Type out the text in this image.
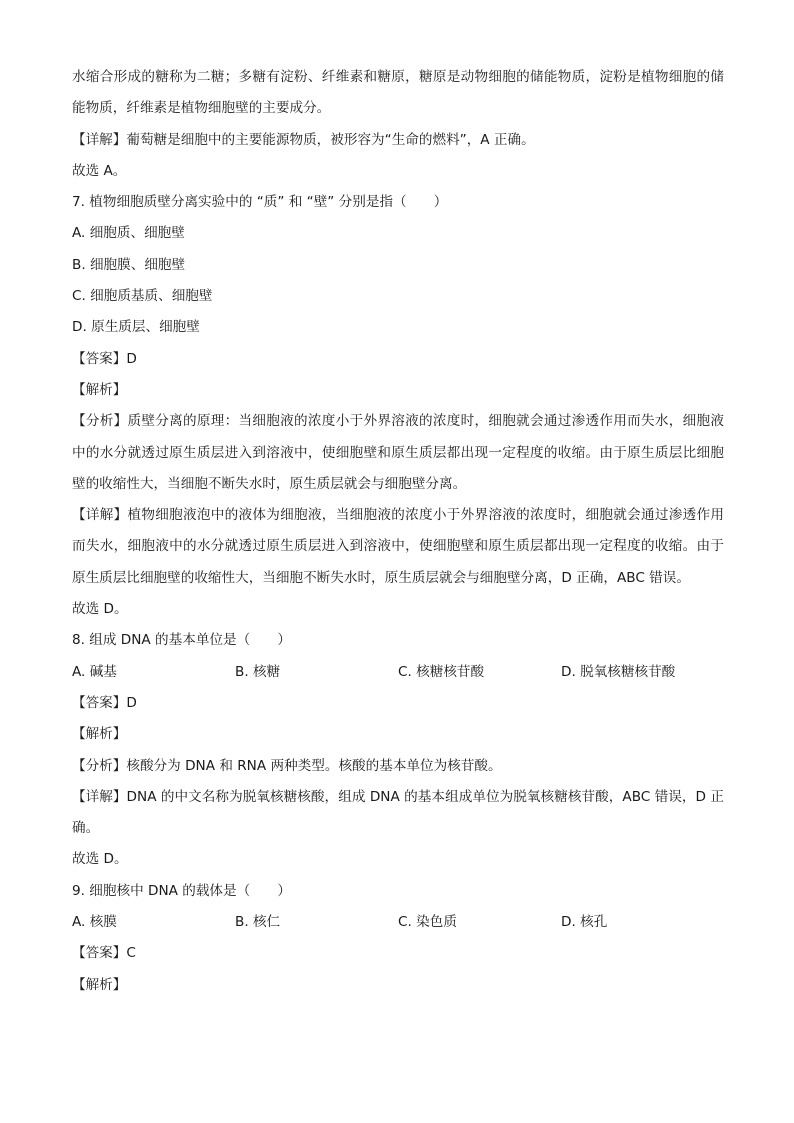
水缩合形成的糖称为二糖；多糖有淀粉、纤维素和糖原，糖原是动物细胞的储能物质，淀粉是植物细胞的储能物质，纤维素是植物细胞壁的主要成分。
【详解】葡萄糖是细胞中的主要能源物质，被形容为“生命的燃料”，A 正确。
故选 A。
7. 植物细胞质壁分离实验中的 “质” 和 “壁” 分别是指（　　）
A. 细胞质、细胞壁
B. 细胞膜、细胞壁
C. 细胞质基质、细胞壁
D. 原生质层、细胞壁
【答案】D
【解析】
【分析】质壁分离的原理：当细胞液的浓度小于外界溶液的浓度时，细胞就会通过渗透作用而失水，细胞液中的水分就透过原生质层进入到溶液中，使细胞壁和原生质层都出现一定程度的收缩。由于原生质层比细胞壁的收缩性大，当细胞不断失水时，原生质层就会与细胞壁分离。
【详解】植物细胞液泡中的液体为细胞液，当细胞液的浓度小于外界溶液的浓度时，细胞就会通过渗透作用而失水，细胞液中的水分就透过原生质层进入到溶液中，使细胞壁和原生质层都出现一定程度的收缩。由于原生质层比细胞壁的收缩性大，当细胞不断失水时，原生质层就会与细胞壁分离，D 正确，ABC 错误。
故选 D。
8. 组成 DNA 的基本单位是（　　）
A. 碱基	B. 核糖	C. 核糖核苷酸	D. 脱氧核糖核苷酸
【答案】D
【解析】
【分析】核酸分为 DNA 和 RNA 两种类型。核酸的基本单位为核苷酸。
【详解】DNA 的中文名称为脱氧核糖核酸，组成 DNA 的基本组成单位为脱氧核糖核苷酸，ABC 错误，D 正确。
故选 D。
9. 细胞核中 DNA 的载体是（　　）
A. 核膜	B. 核仁	C. 染色质	D. 核孔
【答案】C
【解析】
